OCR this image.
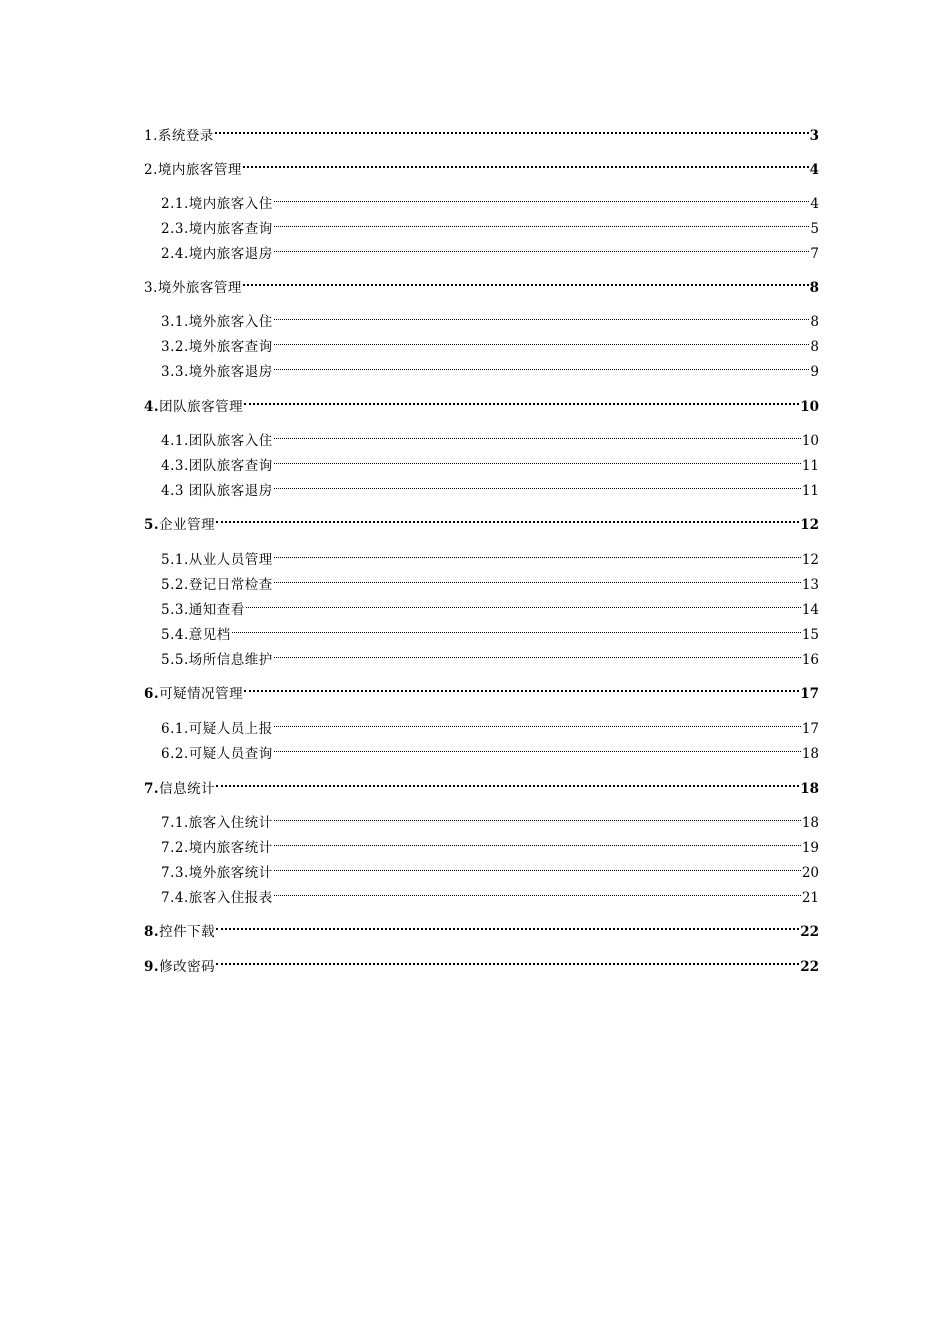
1.系统登录	3
2.境内旅客管理	4
2.1.境内旅客入住	4
2.3.境内旅客查询	5
2.4.境内旅客退房	7
3.境外旅客管理	8
3.1.境外旅客入住	8
3.2.境外旅客查询	8
3.3.境外旅客退房	9
4.团队旅客管理	10
4.1.团队旅客入住	10
4.3.团队旅客查询	11
4.3 团队旅客退房	11
5.企业管理	12
5.1.从业人员管理	12
5.2.登记日常检查	13
5.3.通知查看	14
5.4.意见档	15
5.5.场所信息维护	16
6.可疑情况管理	17
6.1.可疑人员上报	17
6.2.可疑人员查询	18
7.信息统计	18
7.1.旅客入住统计	18
7.2.境内旅客统计	19
7.3.境外旅客统计	20
7.4.旅客入住报表	21
8.控件下载	22
9.修改密码	22
